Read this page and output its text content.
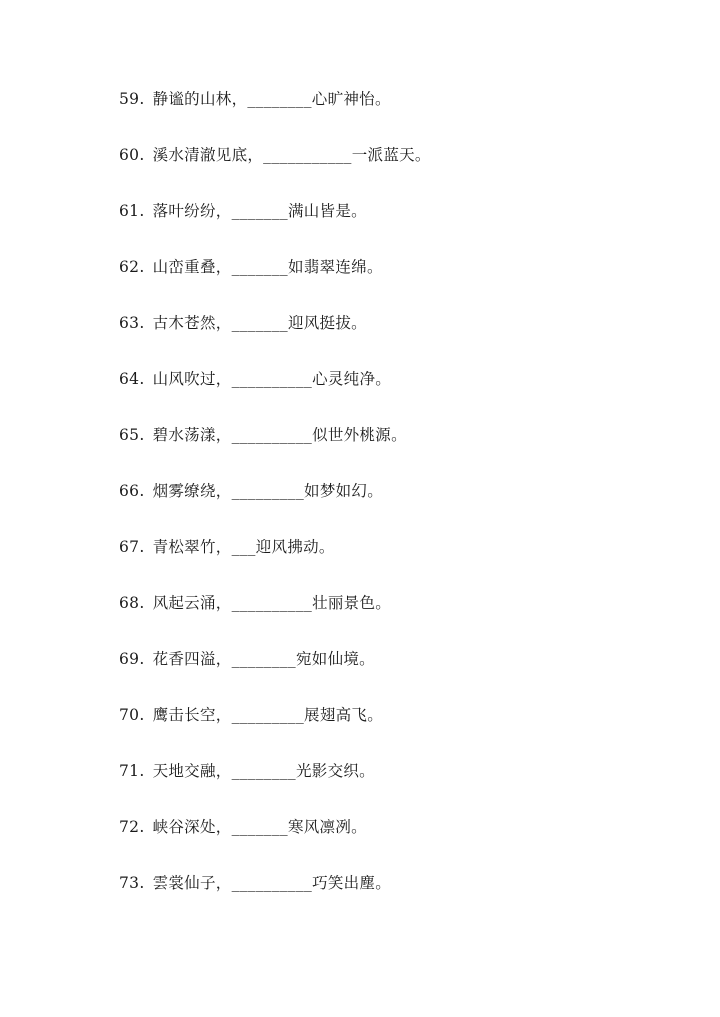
59. 静谧的山林，________心旷神怡。
60. 溪水清澈见底，___________一派蓝天。
61. 落叶纷纷，_______满山皆是。
62. 山峦重叠，_______如翡翠连绵。
63. 古木苍然，_______迎风挺拔。
64. 山风吹过，__________心灵纯净。
65. 碧水荡漾，__________似世外桃源。
66. 烟雾缭绕，_________如梦如幻。
67. 青松翠竹，___迎风拂动。
68. 风起云涌，__________壮丽景色。
69. 花香四溢，________宛如仙境。
70. 鹰击长空，_________展翅高飞。
71. 天地交融，________光影交织。
72. 峡谷深处，_______寒风凛冽。
73. 雲裳仙子，__________巧笑出塵。
